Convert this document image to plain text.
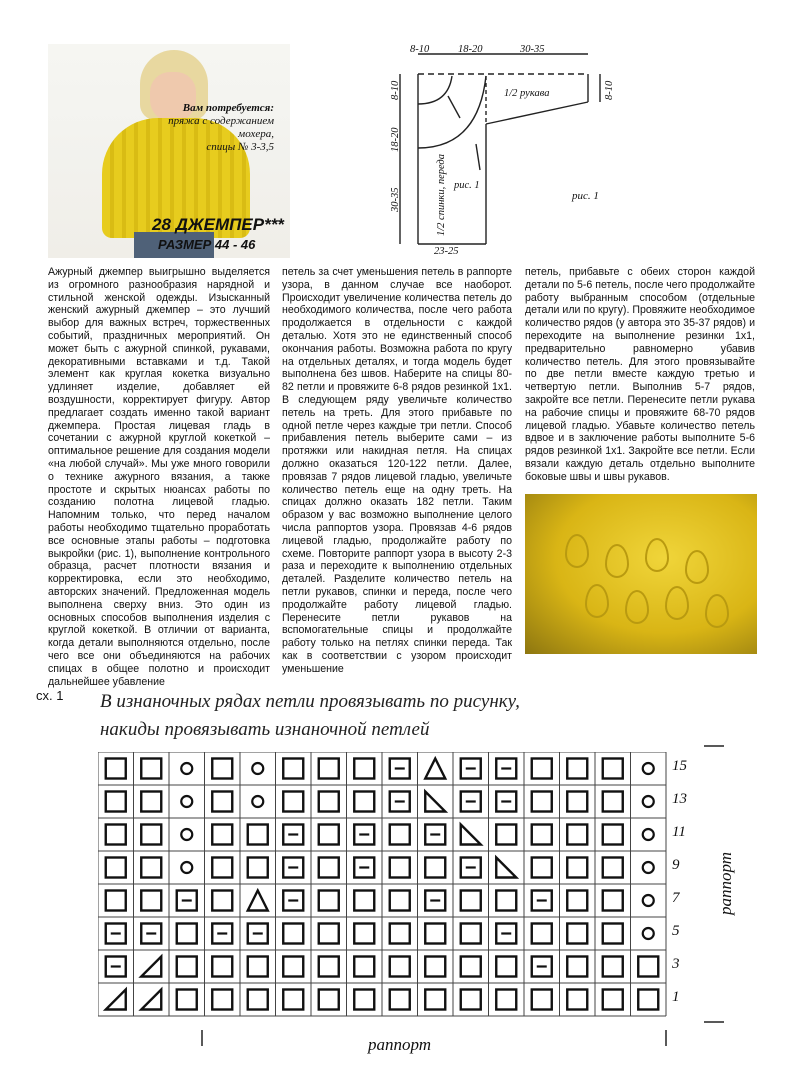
Вам потребуется:
пряжа с содержанием
мохера,
спицы № 3-3,5
28 ДЖЕМПЕР***
РАЗМЕР 44 - 46
8-10	18-20	30-35
8-10
18-20
30-35
8-10
23-25
1/2 рукава
1/2 спинки, переда рис. 1
рис. 1
Ажурный джемпер выигрышно выделяется из огромного разнообразия нарядной и стильной женской одежды. Изысканный женский ажурный джемпер – это лучший выбор для важных встреч, торжественных событий, праздничных мероприятий. Он может быть с ажурной спинкой, рукавами, декоративными вставками и т.д. Такой элемент как круглая кокетка визуально удлиняет изделие, добавляет ей воздушности, корректирует фигуру. Автор предлагает создать именно такой вариант джемпера. Простая лицевая гладь в сочетании с ажурной круглой кокеткой – оптимальное решение для создания модели «на любой случай». Мы уже много говорили о технике ажурного вязания, а также простоте и скрытых нюансах работы по созданию полотна лицевой гладью. Напомним только, что перед началом работы необходимо тщательно проработать все основные этапы работы – подготовка выкройки (рис. 1), выполнение контрольного образца, расчет плотности вязания и корректировка, если это необходимо, авторских значений. Предложенная модель выполнена сверху вниз. Это один из основных способов выполнения изделия с круглой кокеткой. В отличии от варианта, когда детали выполняются отдельно, после чего все они объединяются на рабочих спицах в общее полотно и происходит дальнейшее убавление
петель за счет уменьшения петель в раппорте узора, в данном случае все наоборот. Происходит увеличение количества петель до необходимого количества, после чего работа продолжается в отдельности с каждой деталью. Хотя это не единственный способ окончания работы. Возможна работа по кругу на отдельных деталях, и тогда модель будет выполнена без швов. Наберите на спицы 80-82 петли и провяжите 6-8 рядов резинкой 1х1. В следующем ряду увеличьте количество петель на треть. Для этого прибавьте по одной петле через каждые три петли. Способ прибавления петель выберите сами – из протяжки или накидная петля. На спицах должно оказаться 120-122 петли. Далее, провязав 7 рядов лицевой гладью, увеличьте количество петель еще на одну треть. На спицах должно оказать 182 петли. Таким образом у вас возможно выполнение целого числа раппортов узора. Провязав 4-6 рядов лицевой гладью, продолжайте работу по схеме. Повторите раппорт узора в высоту 2-3 раза и переходите к выполнению отдельных деталей. Разделите количество петель на петли рукавов, спинки и переда, после чего продолжайте работу лицевой гладью. Перенесите петли рукавов на вспомогательные спицы и продолжайте работу только на петлях спинки переда. Так как в соответствии с узором происходит уменьшение
петель, прибавьте с обеих сторон каждой детали по 5-6 петель, после чего продолжайте работу выбранным способом (отдельные детали или по кругу). Провяжите необходимое количество рядов (у автора это 35-37 рядов) и переходите на выполнение резинки 1х1, предварительно равномерно убавив количество петель. Для этого провязывайте по две петли вместе каждую третью и четвертую петли. Выполнив 5-7 рядов, закройте все петли. Перенесите петли рукава на рабочие спицы и провяжите 68-70 рядов лицевой гладью. Убавьте количество петель вдвое и в заключение работы выполните 5-6 рядов резинкой 1х1. Закройте все петли. Если вязали каждую деталь отдельно выполните боковые швы и швы рукавов.
сх. 1 В изнаночных рядах петли провязывать по рисунку,
накиды провязывать изнаночной петлей
15
13
11
9
7
5
3
1
раппорт
раппорт
